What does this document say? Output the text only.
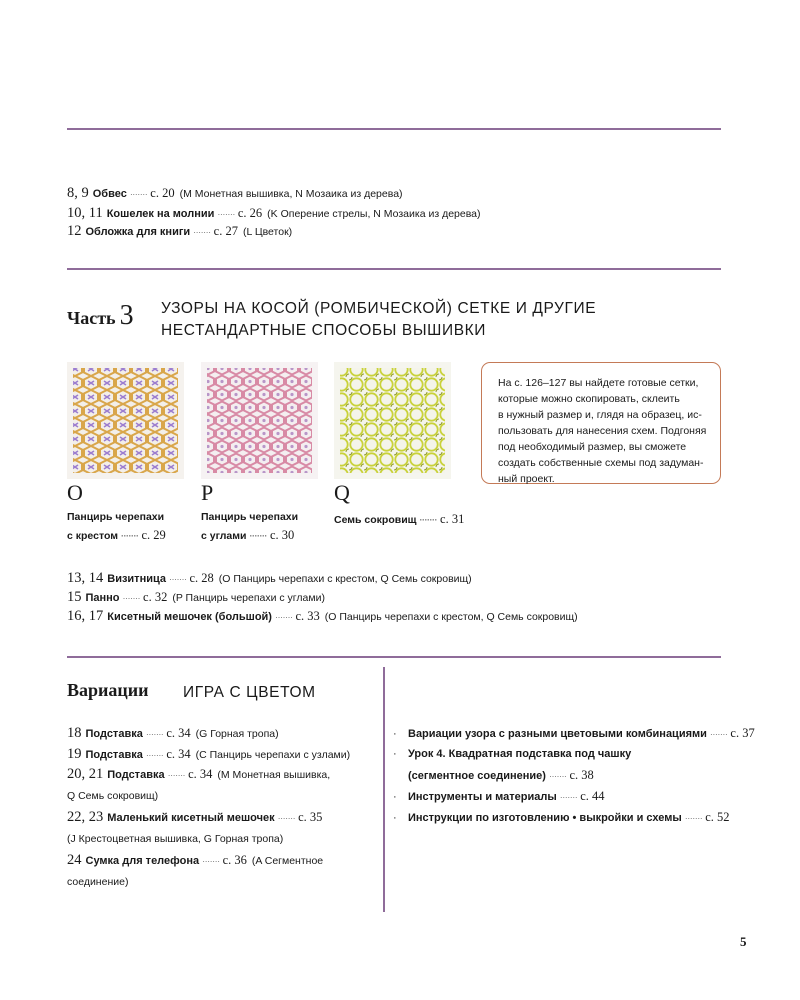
8, 9 Обвес ······· с. 20 (M Монетная вышивка, N Мозаика из дерева)
10, 11 Кошелек на молнии ······· с. 26 (K Оперение стрелы, N Мозаика из дерева)
12 Обложка для книги ······· с. 27 (L Цветок)
Часть 3 УЗОРЫ НА КОСОЙ (РОМБИЧЕСКОЙ) СЕТКЕ И ДРУГИЕ
НЕСТАНДАРТНЫЕ СПОСОБЫ ВЫШИВКИ
O	P	Q
Панцирь черепахи
с крестом ······· с. 29
Панцирь черепахи
с углами ······· с. 30
Семь сокровищ ······· с. 31
На с. 126–127 вы найдете готовые сетки,
которые можно скопировать, склеить
в нужный размер и, глядя на образец, ис-
пользовать для нанесения схем. Подгоняя
под необходимый размер, вы сможете
создать собственные схемы под задуман-
ный проект.
13, 14 Визитница ······· с. 28 (O Панцирь черепахи с крестом, Q Семь сокровищ)
15 Панно ······· с. 32 (P Панцирь черепахи с углами)
16, 17 Кисетный мешочек (большой) ······· с. 33 (O Панцирь черепахи с крестом, Q Семь сокровищ)
Вариации ИГРА С ЦВЕТОМ
18 Подставка ······· с. 34 (G Горная тропа)
19 Подставка ······· с. 34 (C Панцирь черепахи с узлами)
20, 21 Подставка ······· с. 34 (M Монетная вышивка,
Q Семь сокровищ)
22, 23 Маленький кисетный мешочек ······· с. 35
(J Крестоцветная вышивка, G Горная тропа)
24 Сумка для телефона ······· с. 36 (A Сегментное
соединение)
· Вариации узора с разными цветовыми комбинациями ······· с. 37
· Урок 4. Квадратная подставка под чашку
(сегментное соединение) ······· с. 38
· Инструменты и материалы ······· с. 44
· Инструкции по изготовлению • выкройки и схемы ······· с. 52
5
